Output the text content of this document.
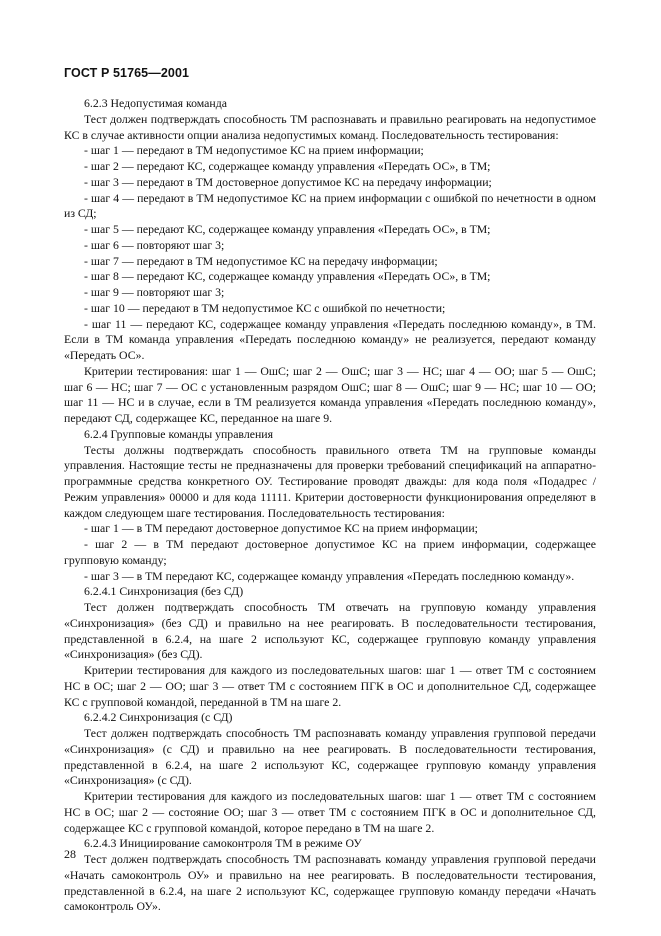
ГОСТ Р 51765—2001

6.2.3 Недопустимая команда

Тест должен подтверждать способность ТМ распознавать и правильно реагировать на недопустимое КС в случае активности опции анализа недопустимых команд. Последовательность тестирования:

- шаг 1 — передают в ТМ недопустимое КС на прием информации;

- шаг 2 — передают КС, содержащее команду управления «Передать ОС», в ТМ;

- шаг 3 — передают в ТМ достоверное допустимое КС на передачу информации;

- шаг 4 — передают в ТМ недопустимое КС на прием информации с ошибкой по нечетности в одном из СД;

- шаг 5 — передают КС, содержащее команду управления «Передать ОС», в ТМ;

- шаг 6 — повторяют шаг 3;

- шаг 7 — передают в ТМ недопустимое КС на передачу информации;

- шаг 8 — передают КС, содержащее команду управления «Передать ОС», в ТМ;

- шаг 9 — повторяют шаг 3;

- шаг 10 — передают в ТМ недопустимое КС с ошибкой по нечетности;

- шаг 11 — передают КС, содержащее команду управления «Передать последнюю команду», в ТМ. Если в ТМ команда управления «Передать последнюю команду» не реализуется, передают команду «Передать ОС».

Критерии тестирования: шаг 1 — ОшС; шаг 2 — ОшС; шаг 3 — НС; шаг 4 — ОО; шаг 5 — ОшС; шаг 6 — НС; шаг 7 — ОС с установленным разрядом ОшС; шаг 8 — ОшС; шаг 9 — НС; шаг 10 — ОО; шаг 11 — НС и в случае, если в ТМ реализуется команда управления «Передать последнюю команду», передают СД, содержащее КС, переданное на шаге 9.

6.2.4 Групповые команды управления

Тесты должны подтверждать способность правильного ответа ТМ на групповые команды управления. Настоящие тесты не предназначены для проверки требований спецификаций на аппаратно-программные средства конкретного ОУ. Тестирование проводят дважды: для кода поля «Подадрес / Режим управления» 00000 и для кода 11111. Критерии достоверности функционирования определяют в каждом следующем шаге тестирования. Последовательность тестирования:

- шаг 1 — в ТМ передают достоверное допустимое КС на прием информации;

- шаг 2 — в ТМ передают достоверное допустимое КС на прием информации, содержащее групповую команду;

- шаг 3 — в ТМ передают КС, содержащее команду управления «Передать последнюю команду».

6.2.4.1 Синхронизация (без СД)

Тест должен подтверждать способность ТМ отвечать на групповую команду управления «Синхронизация» (без СД) и правильно на нее реагировать. В последовательности тестирования, представленной в 6.2.4, на шаге 2 используют КС, содержащее групповую команду управления «Синхронизация» (без СД).

Критерии тестирования для каждого из последовательных шагов: шаг 1 — ответ ТМ с состоянием НС в ОС; шаг 2 — ОО; шаг 3 — ответ ТМ с состоянием ПГК в ОС и дополнительное СД, содержащее КС с групповой командой, переданной в ТМ на шаге 2.

6.2.4.2 Синхронизация (с СД)

Тест должен подтверждать способность ТМ распознавать команду управления групповой передачи «Синхронизация» (с СД) и правильно на нее реагировать. В последовательности тестирования, представленной в 6.2.4, на шаге 2 используют КС, содержащее групповую команду управления «Синхронизация» (с СД).

Критерии тестирования для каждого из последовательных шагов: шаг 1 — ответ ТМ с состоянием НС в ОС; шаг 2 — состояние ОО; шаг 3 — ответ ТМ с состоянием ПГК в ОС и дополнительное СД, содержащее КС с групповой командой, которое передано в ТМ на шаге 2.

6.2.4.3 Инициирование самоконтроля ТМ в режиме ОУ

Тест должен подтверждать способность ТМ распознавать команду управления групповой передачи «Начать самоконтроль ОУ» и правильно на нее реагировать. В последовательности тестирования, представленной в 6.2.4, на шаге 2 используют КС, содержащее групповую команду передачи «Начать самоконтроль ОУ».

28
